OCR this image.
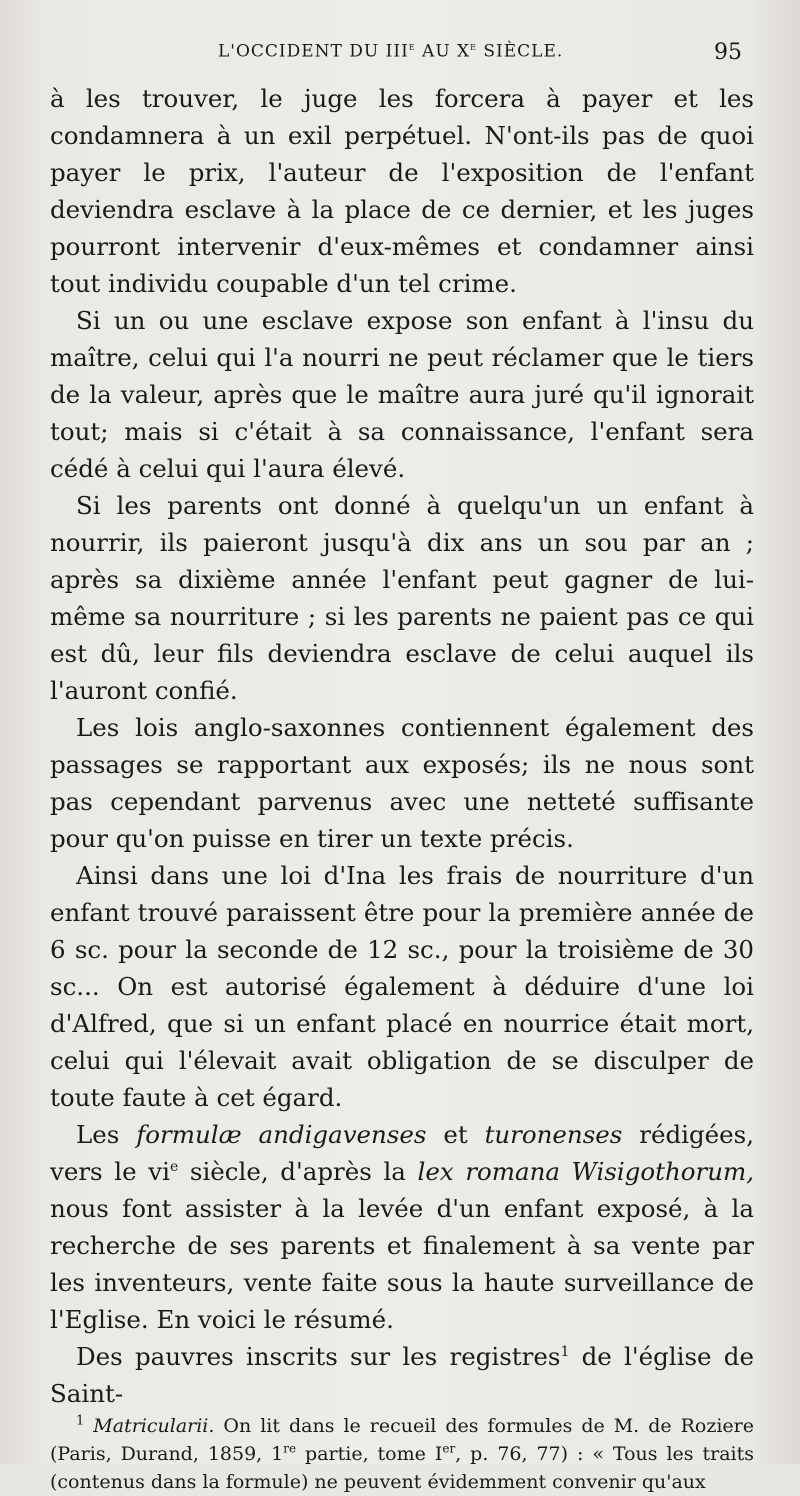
L'OCCIDENT DU IIIe AU Xe SIÈCLE.	95

à les trouver, le juge les forcera à payer et les condamnera à un exil perpétuel. N'ont-ils pas de quoi payer le prix, l'auteur de l'exposition de l'enfant deviendra esclave à la place de ce dernier, et les juges pourront intervenir d'eux-mêmes et condamner ainsi tout individu coupable d'un tel crime.

Si un ou une esclave expose son enfant à l'insu du maître, celui qui l'a nourri ne peut réclamer que le tiers de la valeur, après que le maître aura juré qu'il ignorait tout; mais si c'était à sa connaissance, l'enfant sera cédé à celui qui l'aura élevé.

Si les parents ont donné à quelqu'un un enfant à nourrir, ils paieront jusqu'à dix ans un sou par an ; après sa dixième année l'enfant peut gagner de lui-même sa nourriture ; si les parents ne paient pas ce qui est dû, leur fils deviendra esclave de celui auquel ils l'auront confié.

Les lois anglo-saxonnes contiennent également des passages se rapportant aux exposés; ils ne nous sont pas cependant parvenus avec une netteté suffisante pour qu'on puisse en tirer un texte précis.

Ainsi dans une loi d'Ina les frais de nourriture d'un enfant trouvé paraissent être pour la première année de 6 sc. pour la seconde de 12 sc., pour la troisième de 30 sc... On est autorisé également à déduire d'une loi d'Alfred, que si un enfant placé en nourrice était mort, celui qui l'élevait avait obligation de se disculper de toute faute à cet égard.

Les formulæ andigavenses et turonenses rédigées, vers le $vi^e$ siècle, d'après la lex romana Wisigothorum, nous font assister à la levée d'un enfant exposé, à la recherche de ses parents et finalement à sa vente par les inventeurs, vente faite sous la haute surveillance de l'Eglise. En voici le résumé.

Des pauvres inscrits sur les registres$^1$ de l'église de Saint-

$^1$ Matricularii. On lit dans le recueil des formules de M. de Roziere (Paris, Durand, 1859, 1re partie, tome Ier, p. 76, 77) : « Tous les traits (contenus dans la formule) ne peuvent évidemment convenir qu'aux
